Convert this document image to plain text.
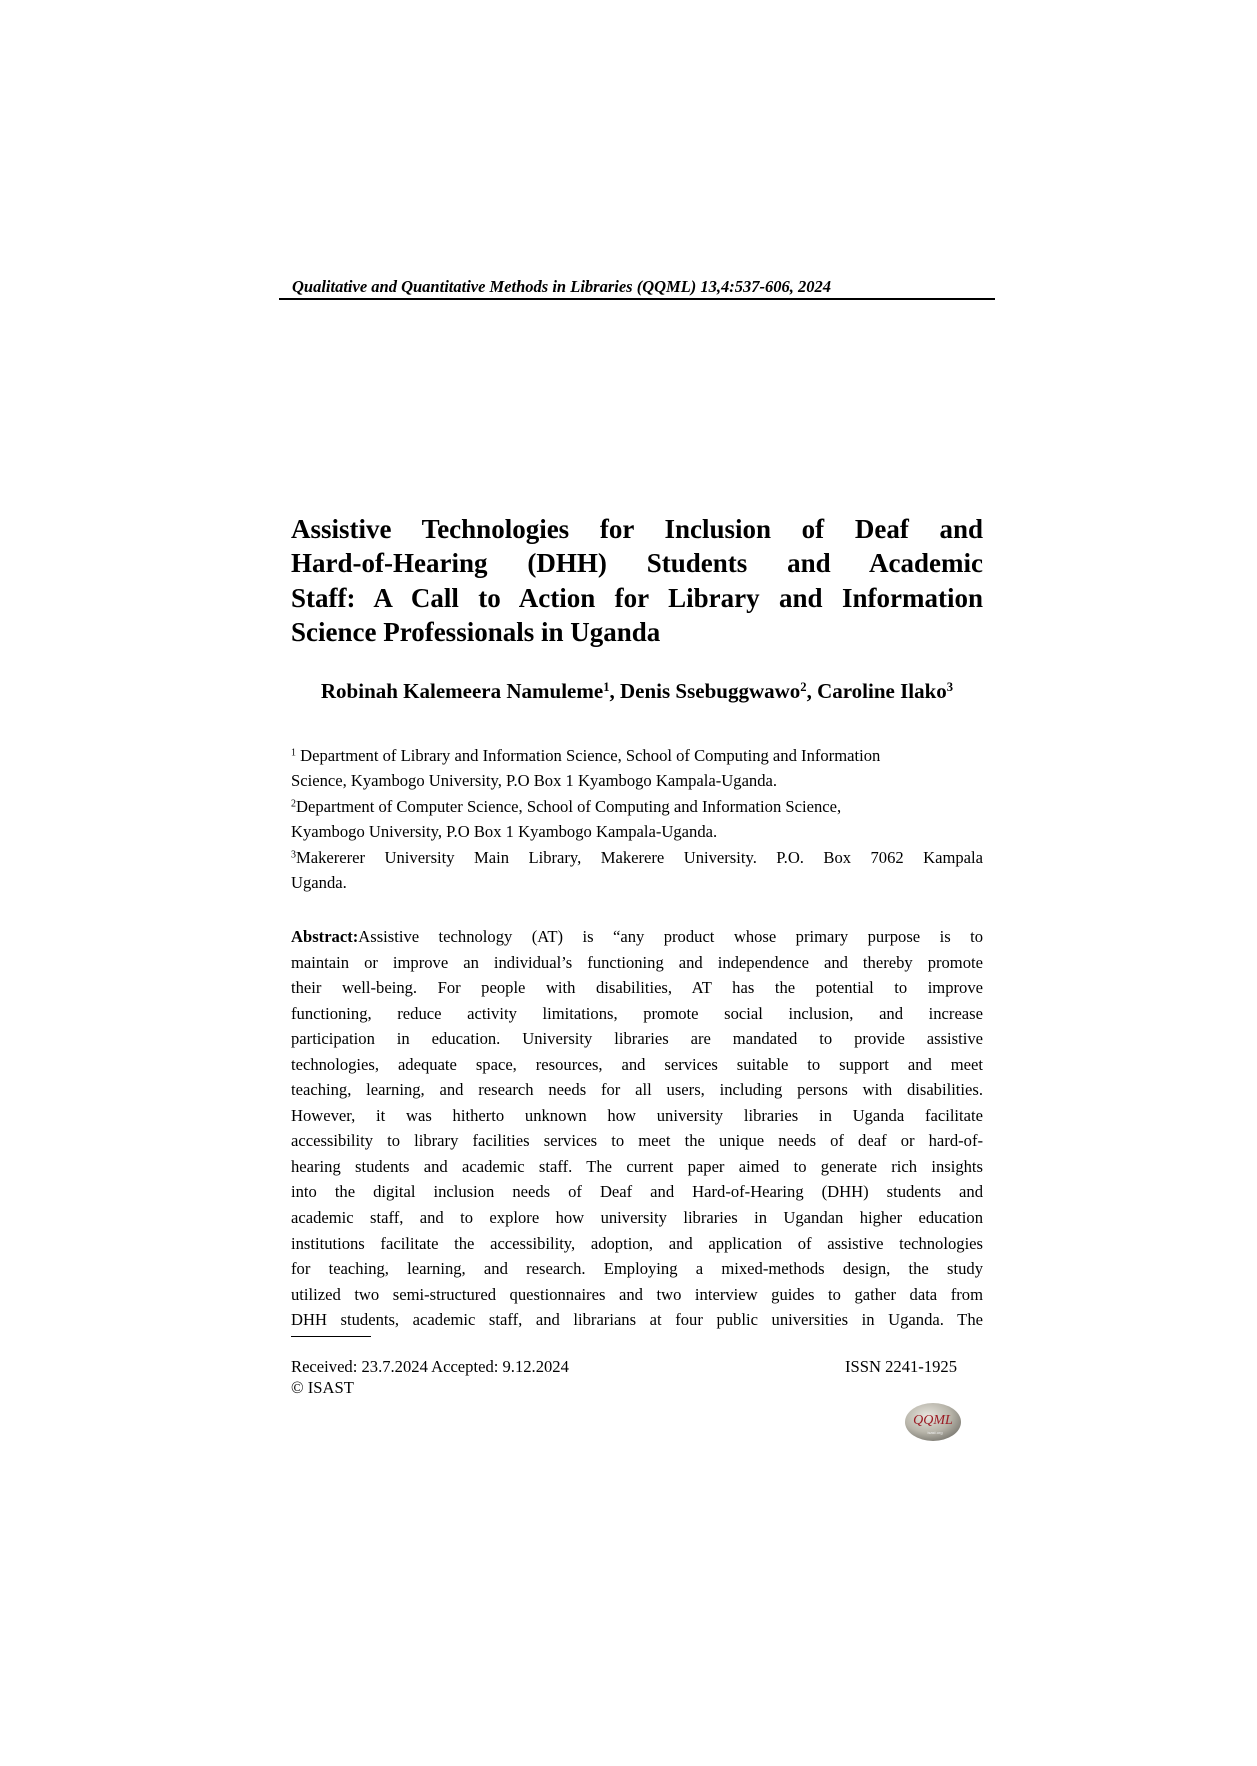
Qualitative and Quantitative Methods in Libraries (QQML) 13,4:537-606, 2024
Assistive Technologies for Inclusion of Deaf and
Hard-of-Hearing (DHH) Students and Academic
Staff: A Call to Action for Library and Information
Science Professionals in Uganda
Robinah Kalemeera Namuleme$^1$, Denis Ssebuggwawo$^2$, Caroline Ilako$^3$
$^1$ Department of Library and Information Science, School of Computing and Information
Science, Kyambogo University, P.O Box 1 Kyambogo Kampala-Uganda.
$^2$Department of Computer Science, School of Computing and Information Science,
Kyambogo University, P.O Box 1 Kyambogo Kampala-Uganda.
$^3$Makererer University Main Library, Makerere University. P.O. Box 7062 Kampala
Uganda.
Abstract:Assistive technology (AT) is “any product whose primary purpose is to
maintain or improve an individual’s functioning and independence and thereby promote
their well-being. For people with disabilities, AT has the potential to improve
functioning, reduce activity limitations, promote social inclusion, and increase
participation in education. University libraries are mandated to provide assistive
technologies, adequate space, resources, and services suitable to support and meet
teaching, learning, and research needs for all users, including persons with disabilities.
However, it was hitherto unknown how university libraries in Uganda facilitate
accessibility to library facilities services to meet the unique needs of deaf or hard-of-
hearing students and academic staff. The current paper aimed to generate rich insights
into the digital inclusion needs of Deaf and Hard-of-Hearing (DHH) students and
academic staff, and to explore how university libraries in Ugandan higher education
institutions facilitate the accessibility, adoption, and application of assistive technologies
for teaching, learning, and research. Employing a mixed-methods design, the study
utilized two semi-structured questionnaires and two interview guides to gather data from
DHH students, academic staff, and librarians at four public universities in Uganda. The
Received: 23.7.2024 Accepted: 9.12.2024
© ISAST
ISSN 2241-1925
QQML
isast.org
